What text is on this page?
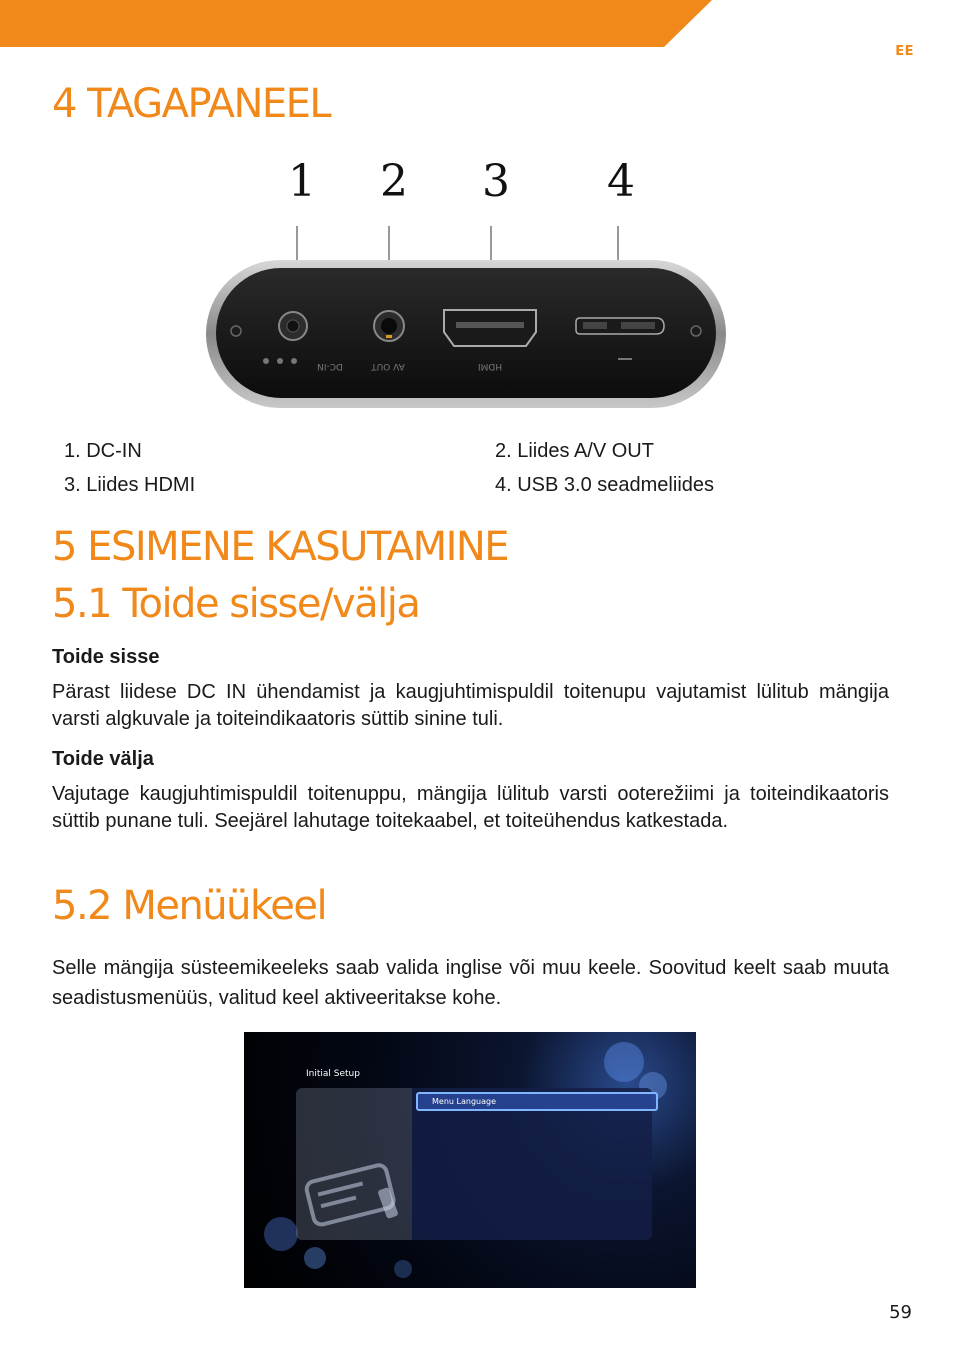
EE
4 TAGAPANEEL
1 2 3 4
DC-IN	AV OUT	HDMI
1. DC-IN	2. Liides A/V OUT
3. Liides HDMI	4. USB 3.0 seadmeliides
5 ESIMENE KASUTAMINE
5.1 Toide sisse/välja
Toide sisse

Pärast liidese DC IN ühendamist ja kaugjuhtimispuldil toitenupu vajutamist lülitub mängija varsti algkuvale ja toiteindikaatoris süttib sinine tuli.

Toide välja

Vajutage kaugjuhtimispuldil toitenuppu, mängija lülitub varsti ooterežiimi ja toiteindikaatoris süttib punane tuli. Seejärel lahutage toitekaabel, et toiteühendus katkestada.

5.2 Menüükeel

Selle mängija süsteemikeeleks saab valida inglise või muu keele. Soovitud keelt saab muuta seadistusmenüüs, valitud keel aktiveeritakse kohe.

Initial Setup
Menu Language
59
